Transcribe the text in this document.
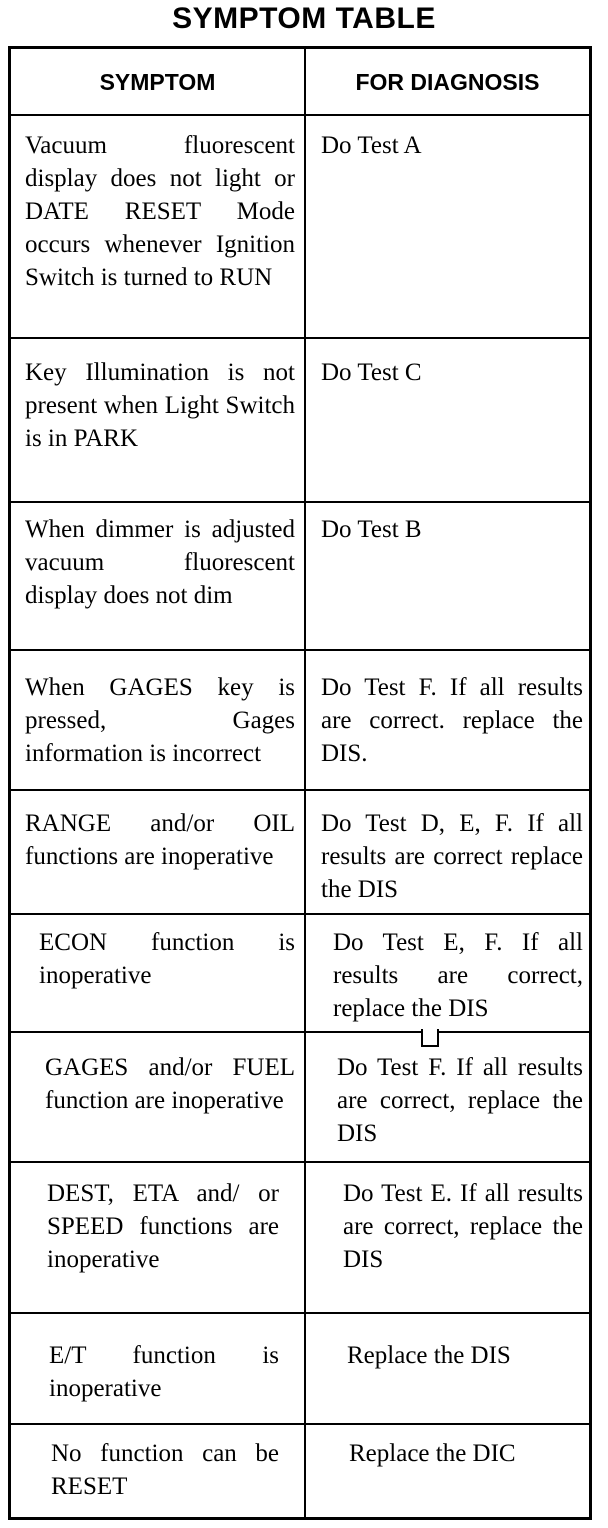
SYMPTOM TABLE
SYMPTOM	FOR DIAGNOSIS
Vacuum fluorescent display does not light or DATE RESET Mode occurs whenever Ignition Switch is turned to RUN
Do Test A
Key Illumination is not present when Light Switch is in PARK
Do Test C
When dimmer is adjusted vacuum fluorescent display does not dim
Do Test B
When GAGES key is pressed, Gages information is incorrect
Do Test F. If all results are correct. replace the DIS.
RANGE and/or OIL functions are inoperative
Do Test D, E, F. If all results are correct replace the DIS
ECON function is inoperative
Do Test E, F. If all results are correct, replace the DIS
GAGES and/or FUEL function are inoperative
Do Test F. If all results are correct, replace the DIS
DEST, ETA and/ or SPEED functions are inoperative
Do Test E. If all results are correct, replace the DIS
E/T function is inoperative
Replace the DIS
No function can be RESET
Replace the DIC
